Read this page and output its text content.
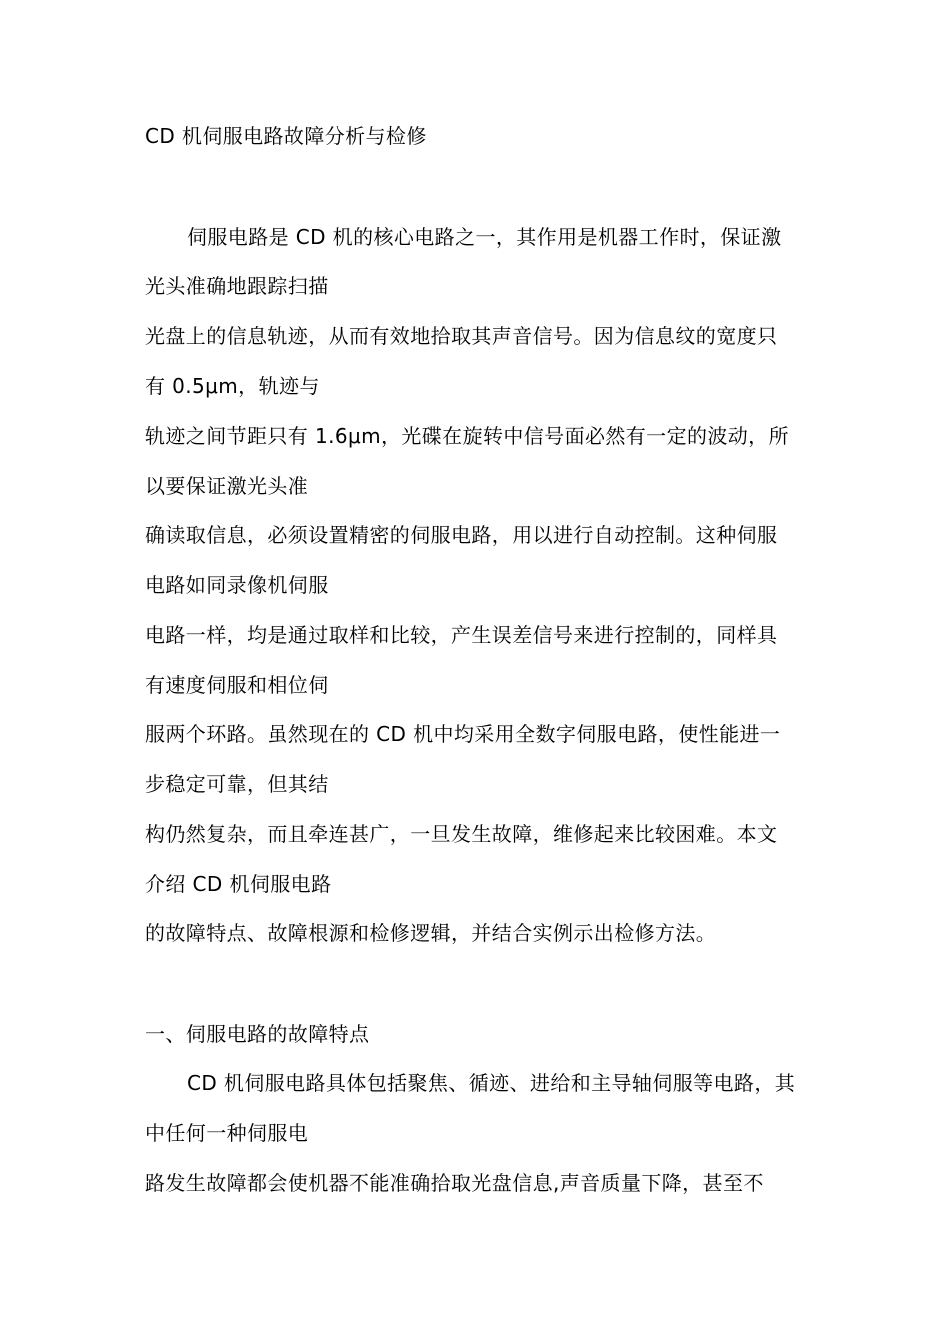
CD 机伺服电路故障分析与检修
伺服电路是 CD 机的核心电路之一，其作用是机器工作时，保证激
光头准确地跟踪扫描
光盘上的信息轨迹，从而有效地拾取其声音信号。因为信息纹的宽度只
有 0.5μm，轨迹与
轨迹之间节距只有 1.6μm，光碟在旋转中信号面必然有一定的波动，所
以要保证激光头准
确读取信息，必须设置精密的伺服电路，用以进行自动控制。这种伺服
电路如同录像机伺服
电路一样，均是通过取样和比较，产生误差信号来进行控制的，同样具
有速度伺服和相位伺
服两个环路。虽然现在的 CD 机中均采用全数字伺服电路，使性能进一
步稳定可靠，但其结
构仍然复杂，而且牵连甚广，一旦发生故障，维修起来比较困难。本文
介绍 CD 机伺服电路
的故障特点、故障根源和检修逻辑，并结合实例示出检修方法。
一、伺服电路的故障特点
CD 机伺服电路具体包括聚焦、循迹、进给和主导轴伺服等电路，其
中任何一种伺服电
路发生故障都会使机器不能准确拾取光盘信息,声音质量下降，甚至不
